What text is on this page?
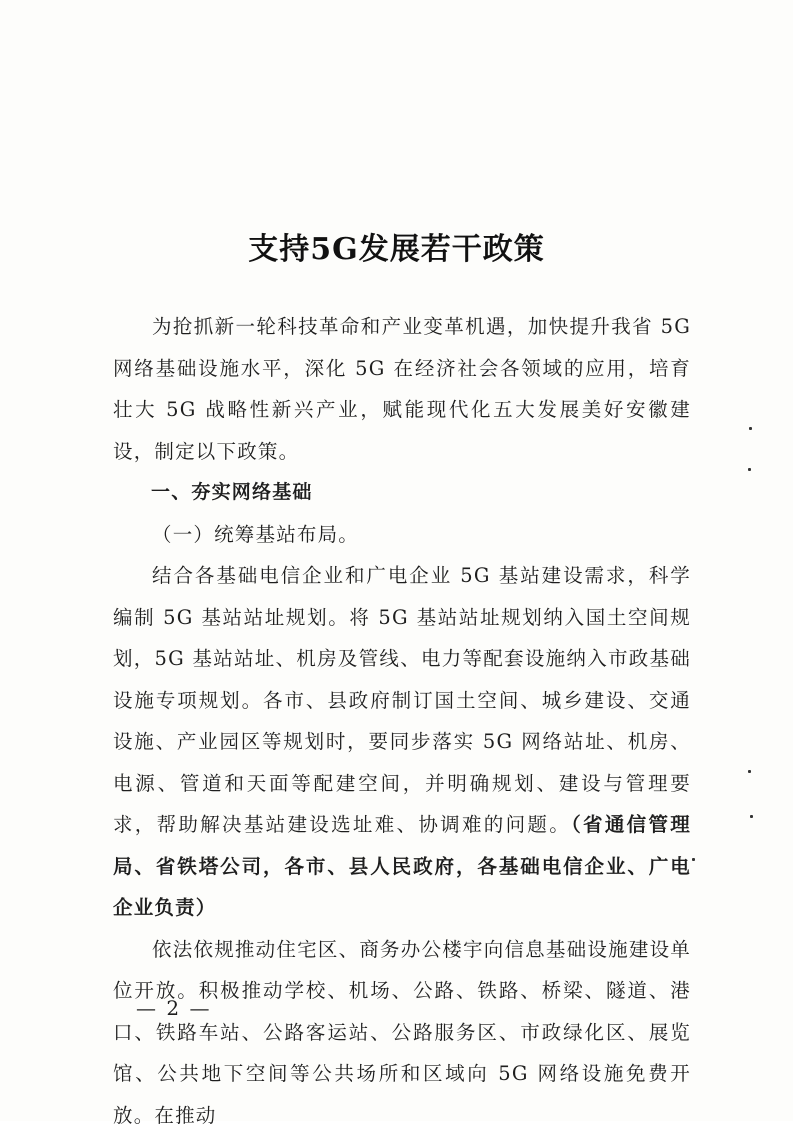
支持5G发展若干政策

为抢抓新一轮科技革命和产业变革机遇，加快提升我省 5G 网络基础设施水平，深化 5G 在经济社会各领域的应用，培育壮大 5G 战略性新兴产业，赋能现代化五大发展美好安徽建设，制定以下政策。

一、夯实网络基础

（一）统筹基站布局。

结合各基础电信企业和广电企业 5G 基站建设需求，科学编制 5G 基站站址规划。将 5G 基站站址规划纳入国土空间规划，5G 基站站址、机房及管线、电力等配套设施纳入市政基础设施专项规划。各市、县政府制订国土空间、城乡建设、交通设施、产业园区等规划时，要同步落实 5G 网络站址、机房、电源、管道和天面等配建空间，并明确规划、建设与管理要求，帮助解决基站建设选址难、协调难的问题。（省通信管理局、省铁塔公司，各市、县人民政府，各基础电信企业、广电企业负责）

依法依规推动住宅区、商务办公楼宇向信息基础设施建设单位开放。积极推动学校、机场、公路、铁路、桥梁、隧道、港口、铁路车站、公路客运站、公路服务区、市政绿化区、展览馆、公共地下空间等公共场所和区域向 5G 网络设施免费开放。在推动

— 2 —
